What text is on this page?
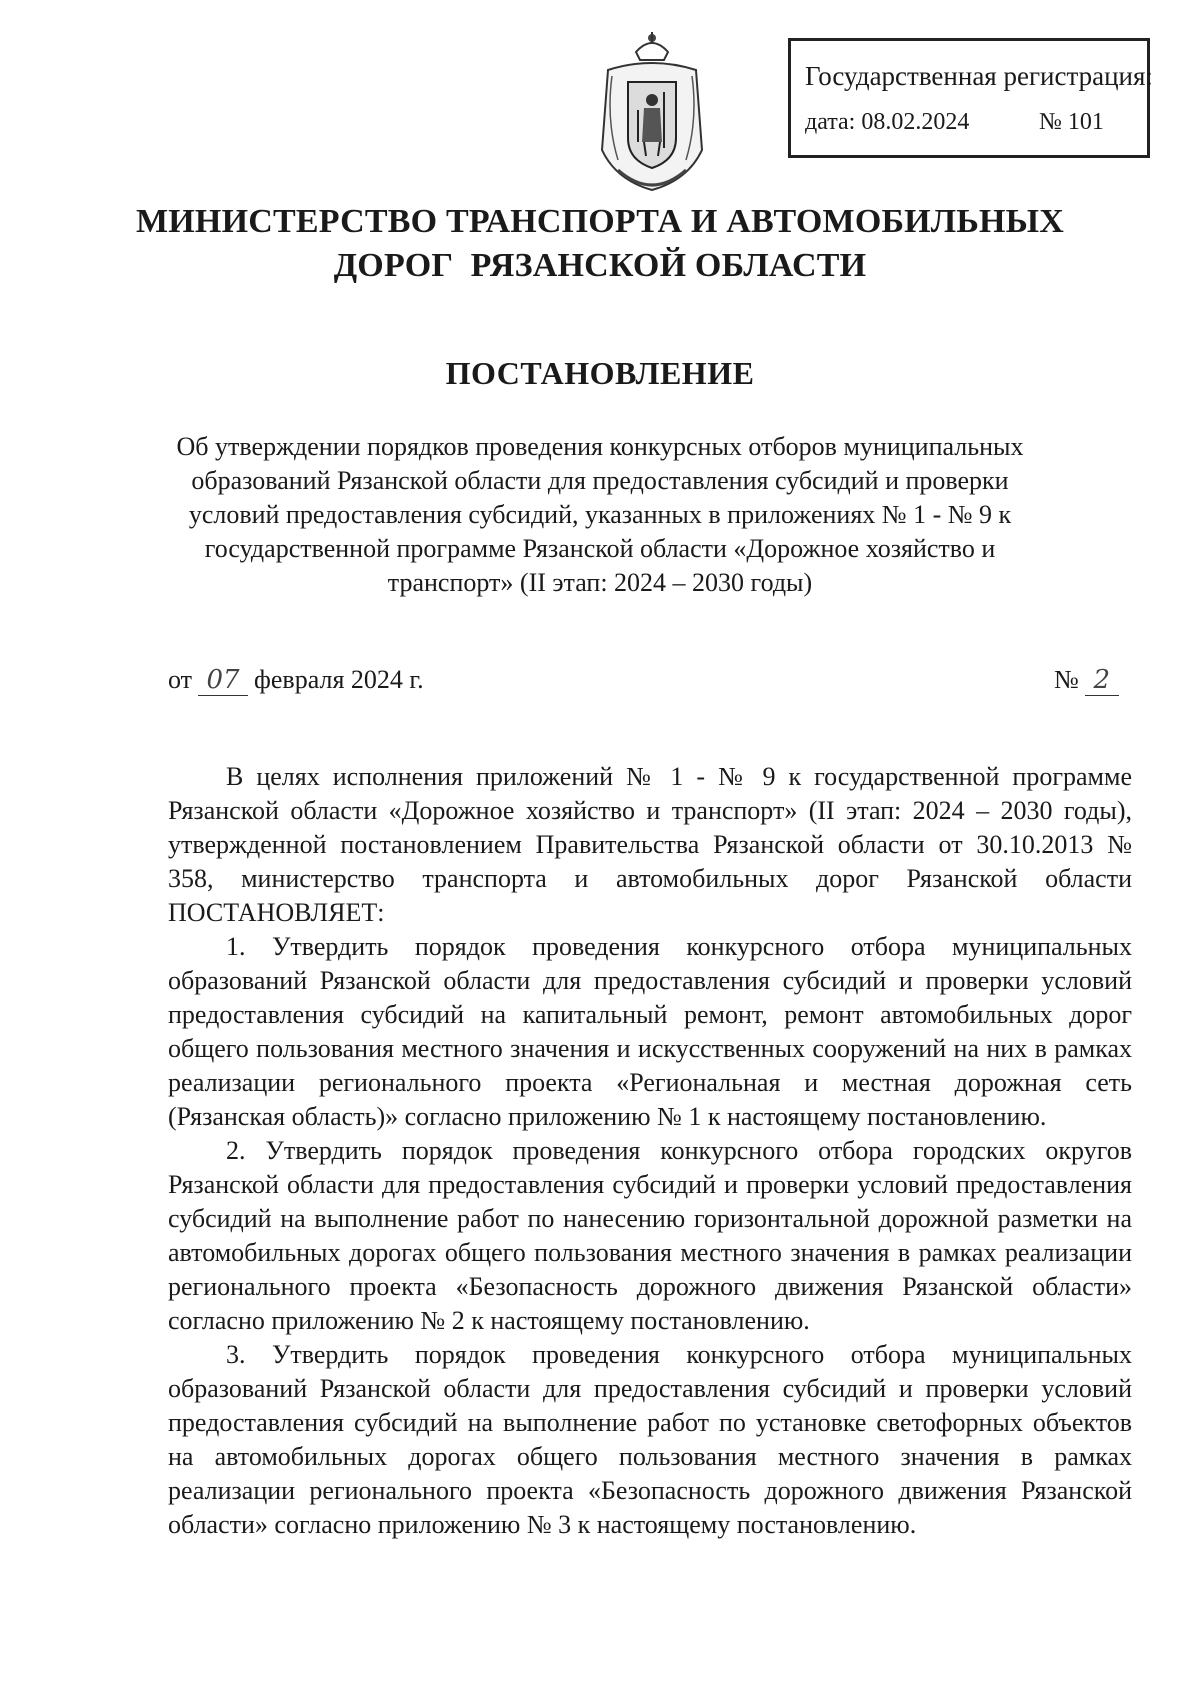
Государственная регистрация:
дата: 08.02.2024	№ 101
МИНИСТЕРСТВО ТРАНСПОРТА И АВТОМОБИЛЬНЫХ
ДОРОГ  РЯЗАНСКОЙ ОБЛАСТИ
ПОСТАНОВЛЕНИЕ
Об утверждении порядков проведения конкурсных отборов муниципальных образований Рязанской области для предоставления субсидий и проверки условий предоставления субсидий, указанных в приложениях № 1 - № 9 к государственной программе Рязанской области «Дорожное хозяйство и транспорт» (II этап: 2024 – 2030 годы)
от 07 февраля 2024 г.	№ 2

В целях исполнения приложений № 1 - № 9 к государственной программе Рязанской области «Дорожное хозяйство и транспорт» (II этап: 2024 – 2030 годы), утвержденной постановлением Правительства Рязанской области от 30.10.2013 № 358, министерство транспорта и автомобильных дорог Рязанской области ПОСТАНОВЛЯЕТ:

1. Утвердить порядок проведения конкурсного отбора муниципальных образований Рязанской области для предоставления субсидий и проверки условий предоставления субсидий на капитальный ремонт, ремонт автомобильных дорог общего пользования местного значения и искусственных сооружений на них в рамках реализации регионального проекта «Региональная и местная дорожная сеть (Рязанская область)» согласно приложению № 1 к настоящему постановлению.

2. Утвердить порядок проведения конкурсного отбора городских округов Рязанской области для предоставления субсидий и проверки условий предоставления субсидий на выполнение работ по нанесению горизонтальной дорожной разметки на автомобильных дорогах общего пользования местного значения в рамках реализации регионального проекта «Безопасность дорожного движения Рязанской области» согласно приложению № 2 к настоящему постановлению.

3. Утвердить порядок проведения конкурсного отбора муниципальных образований Рязанской области для предоставления субсидий и проверки условий предоставления субсидий на выполнение работ по установке светофорных объектов на автомобильных дорогах общего пользования местного значения в рамках реализации регионального проекта «Безопасность дорожного движения Рязанской области» согласно приложению № 3 к настоящему постановлению.
